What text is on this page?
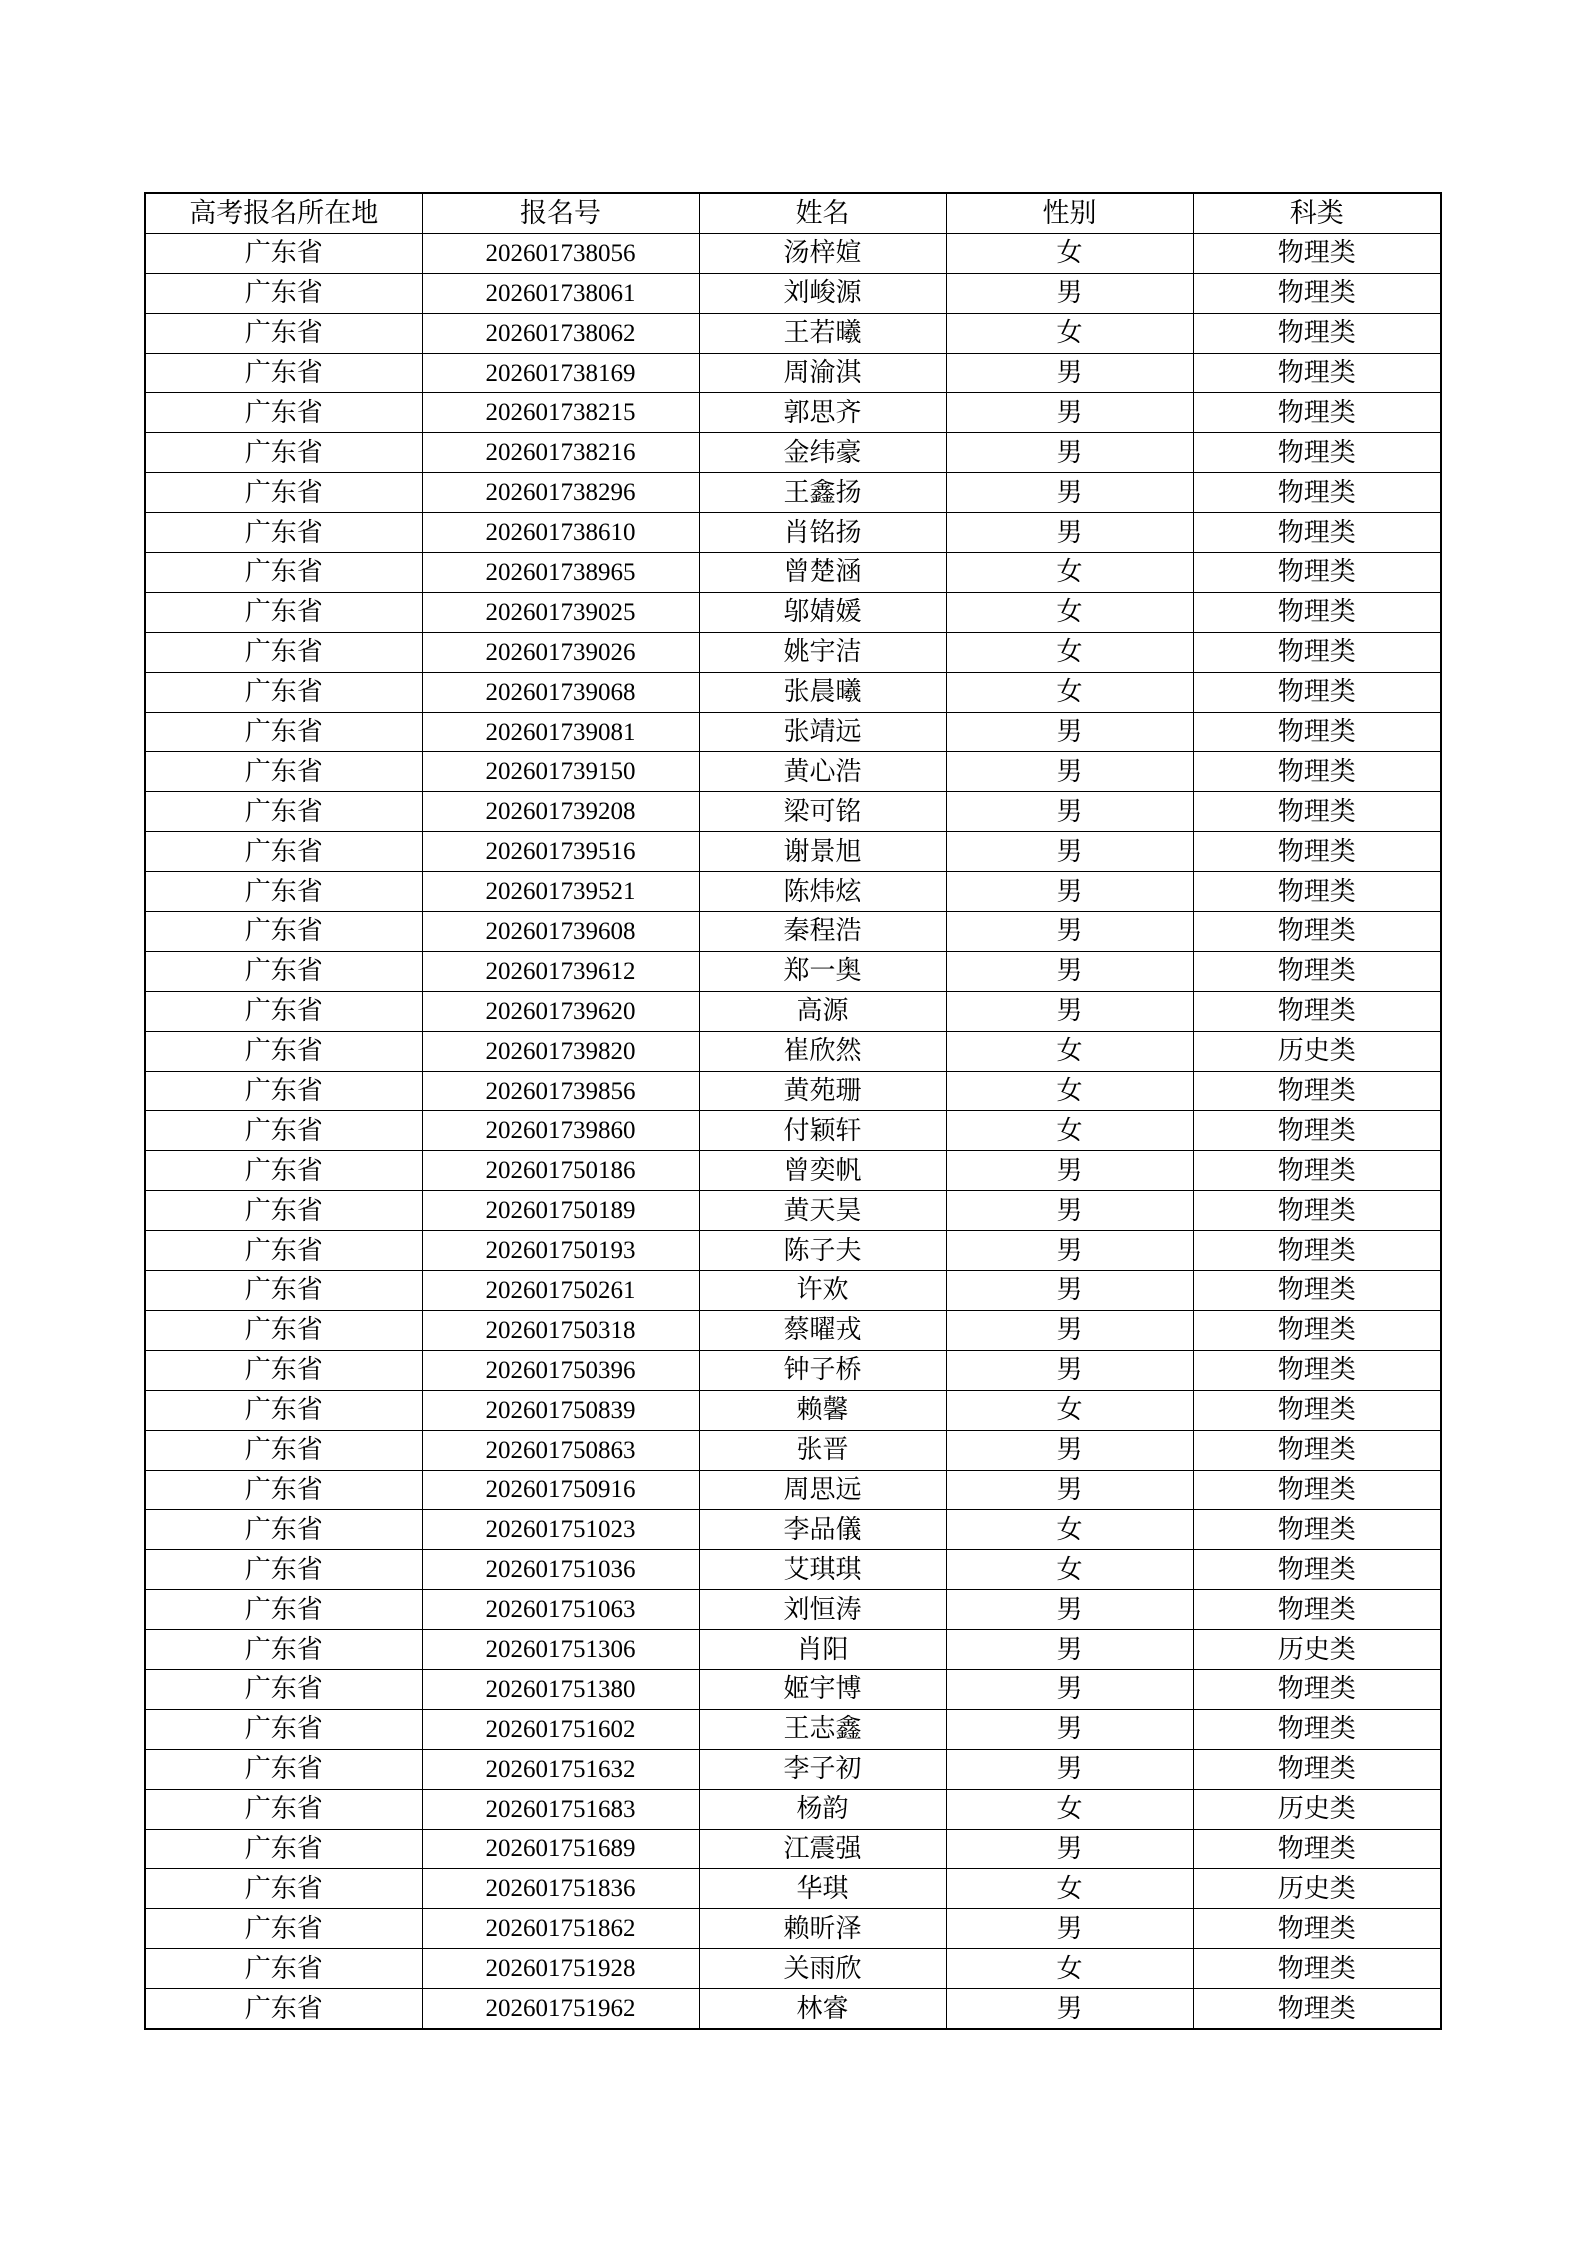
高考报名所在地	报名号	姓名	性别	科类
广东省	202601738056	汤梓媗	女	物理类
广东省	202601738061	刘峻源	男	物理类
广东省	202601738062	王若曦	女	物理类
广东省	202601738169	周渝淇	男	物理类
广东省	202601738215	郭思齐	男	物理类
广东省	202601738216	金纬豪	男	物理类
广东省	202601738296	王鑫扬	男	物理类
广东省	202601738610	肖铭扬	男	物理类
广东省	202601738965	曾楚涵	女	物理类
广东省	202601739025	邬婧媛	女	物理类
广东省	202601739026	姚宇洁	女	物理类
广东省	202601739068	张晨曦	女	物理类
广东省	202601739081	张靖远	男	物理类
广东省	202601739150	黄心浩	男	物理类
广东省	202601739208	梁可铭	男	物理类
广东省	202601739516	谢景旭	男	物理类
广东省	202601739521	陈炜炫	男	物理类
广东省	202601739608	秦程浩	男	物理类
广东省	202601739612	郑一奥	男	物理类
广东省	202601739620	高源	男	物理类
广东省	202601739820	崔欣然	女	历史类
广东省	202601739856	黄苑珊	女	物理类
广东省	202601739860	付颖轩	女	物理类
广东省	202601750186	曾奕帆	男	物理类
广东省	202601750189	黄天昊	男	物理类
广东省	202601750193	陈子夫	男	物理类
广东省	202601750261	许欢	男	物理类
广东省	202601750318	蔡曜戎	男	物理类
广东省	202601750396	钟子桥	男	物理类
广东省	202601750839	赖馨	女	物理类
广东省	202601750863	张晋	男	物理类
广东省	202601750916	周思远	男	物理类
广东省	202601751023	李品儀	女	物理类
广东省	202601751036	艾琪琪	女	物理类
广东省	202601751063	刘恒涛	男	物理类
广东省	202601751306	肖阳	男	历史类
广东省	202601751380	姬宇博	男	物理类
广东省	202601751602	王志鑫	男	物理类
广东省	202601751632	李子初	男	物理类
广东省	202601751683	杨韵	女	历史类
广东省	202601751689	江震强	男	物理类
广东省	202601751836	华琪	女	历史类
广东省	202601751862	赖昕泽	男	物理类
广东省	202601751928	关雨欣	女	物理类
广东省	202601751962	林睿	男	物理类
